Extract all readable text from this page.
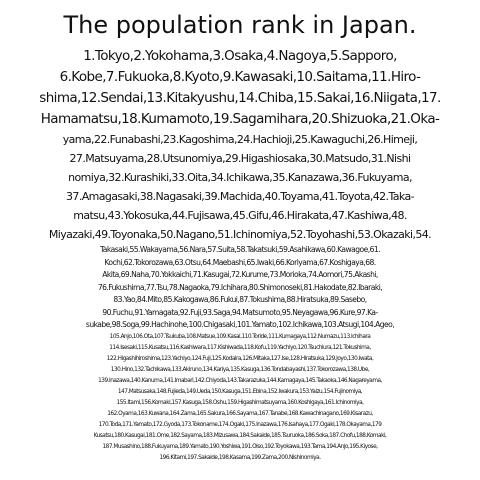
The population rank in Japan.
1.Tokyo,2.Yokohama,3.Osaka,4.Nagoya,5.Sapporo,
6.Kobe,7.Fukuoka,8.Kyoto,9.Kawasaki,10.Saitama,11.Hiro-
shima,12.Sendai,13.Kitakyushu,14.Chiba,15.Sakai,16.Niigata,17.
Hamamatsu,18.Kumamoto,19.Sagamihara,20.Shizuoka,21.Oka-
yama,22.Funabashi,23.Kagoshima,24.Hachioji,25.Kawaguchi,26.Himeji,
27.Matsuyama,28.Utsunomiya,29.Higashiosaka,30.Matsudo,31.Nishi
nomiya,32.Kurashiki,33.Oita,34.Ichikawa,35.Kanazawa,36.Fukuyama,
37.Amagasaki,38.Nagasaki,39.Machida,40.Toyama,41.Toyota,42.Taka-
matsu,43.Yokosuka,44.Fujisawa,45.Gifu,46.Hirakata,47.Kashiwa,48.
Miyazaki,49.Toyonaka,50.Nagano,51.Ichinomiya,52.Toyohashi,53.Okazaki,54.
Takasaki,55.Wakayama,56.Nara,57.Suita,58.Takatsuki,59.Asahikawa,60.Kawagoe,61.
Kochi,62.Tokorozawa,63.Otsu,64.Maebashi,65.Iwaki,66.Koriyama,67.Koshigaya,68.
Akita,69.Naha,70.Yokkaichi,71.Kasugai,72.Kurume,73.Morioka,74.Aomori,75.Akashi,
76.Fukushima,77.Tsu,78.Nagaoka,79.Ichihara,80.Shimonoseki,81.Hakodate,82.Ibaraki,
83.Yao,84.Mito,85.Kakogawa,86.Fukui,87.Tokushima,88.Hiratsuka,89.Sasebo,
90.Fuchu,91.Yamagata,92.Fuji,93.Saga,94.Matsumoto,95.Neyagawa,96.Kure,97.Ka-
sukabe,98.Soga,99.Hachinohe,100.Chigasaki,101.Yamato,102.Ichikawa,103.Atsugi,104.Ageo,
105.Anjo,106.Ota,107.Tsukuba,108.Matsue,109.Kasai,110.Toride,111.Kumagaya,112.Numazu,113.Ichihara
114.Isesaki,115.Kusatsu,116.Kashiwara,117.Kishiwada,118.Kofu,119.Yachiyo,120.Tsuchiura,121.Tokushima,
122.Higashihiroshima,123.Yachiyo,124.Fuji,125.Kodaira,126.Mitaka,127.Ise,128.Hiratsuka,129.Joyo,130.Iwata,
130.Hino,132.Tachikawa,133.Akiruno,134.Kariya,135.Kasuga,136.Tondabayashi,137.Tokorozawa,138.Ube,
139.Inazawa,140.Kanuma,141.Imabari,142.Chiyoda,143.Takarazuka,144.Kamagaya,145.Takaoka,146.Nagareyama,
147.Matsusaka,148.Fujieda,149.Ueda,150.Kasuga,151.Ebina,152.Iwakura,153.Yaizu,154.Fujinomiya,
155.Itami,156.Komaki,157.Kasuga,158.Oshu,159.Higashimatsuyama,160.Koshigaya,161.Ichinomiya,
162.Oyama,163.Kuwana,164.Zama,165.Sakura,166.Sayama,167.Tanabe,168.Kawachinagano,169.Kisarazu,
170.Toda,171.Yamato,172.Gyoda,173.Tokoname,174.Ogaki,175.Inazawa,176.Isahaya,177.Ogaki,178.Okayama,179
Kusatsu,180.Kasugai,181.Ome,182.Sayama,183.Mizusawa,184.Sakaide,185.Tsuruoka,186.Soka,187.Chofu,188.Komaki,
187.Musashino,188.Fukuyama,189.Yamato,190.Yoshiwa,191.Oiso,192.Toyokawa,193.Tama,194.Anjo,195.Kiyose,
196.Kitami,197.Sakaide,198.Kasama,199.Zama,200.Nishinomiya.
